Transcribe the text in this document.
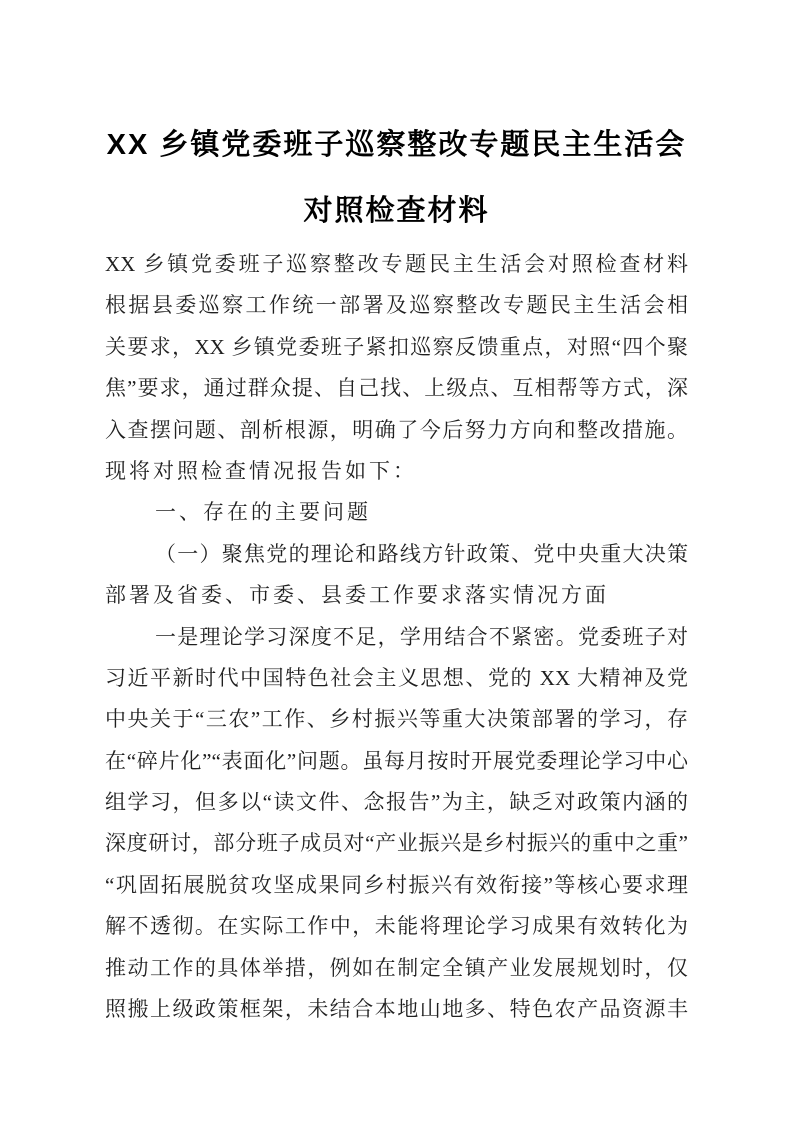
XX 乡镇党委班子巡察整改专题民主生活会
对照检查材料
XX 乡镇党委班子巡察整改专题民主生活会对照检查材料
根据县委巡察工作统一部署及巡察整改专题民主生活会相
关要求，XX 乡镇党委班子紧扣巡察反馈重点，对照“四个聚
焦”要求，通过群众提、自己找、上级点、互相帮等方式，深
入查摆问题、剖析根源，明确了今后努力方向和整改措施。
现将对照检查情况报告如下：
一、存在的主要问题
（一）聚焦党的理论和路线方针政策、党中央重大决策
部署及省委、市委、县委工作要求落实情况方面
一是理论学习深度不足，学用结合不紧密。党委班子对
习近平新时代中国特色社会主义思想、党的 XX 大精神及党
中央关于“三农”工作、乡村振兴等重大决策部署的学习，存
在“碎片化”“表面化”问题。虽每月按时开展党委理论学习中心
组学习，但多以“读文件、念报告”为主，缺乏对政策内涵的
深度研讨，部分班子成员对“产业振兴是乡村振兴的重中之重”
“巩固拓展脱贫攻坚成果同乡村振兴有效衔接”等核心要求理
解不透彻。在实际工作中，未能将理论学习成果有效转化为
推动工作的具体举措，例如在制定全镇产业发展规划时，仅
照搬上级政策框架，未结合本地山地多、特色农产品资源丰
